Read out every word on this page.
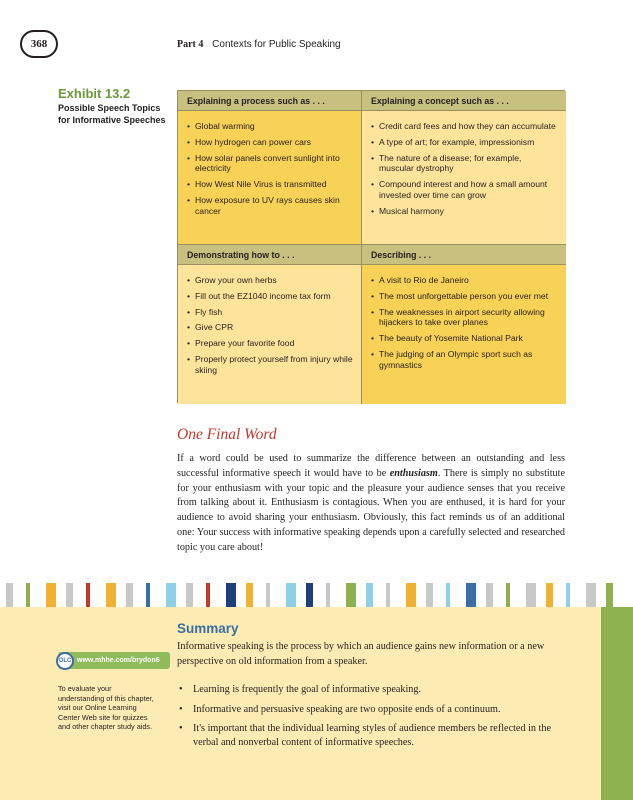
368	Part 4 Contexts for Public Speaking
Exhibit 13.2
Possible Speech Topics for Informative Speeches
Explaining a process such as . . .
• Global warming
• How hydrogen can power cars
• How solar panels convert sunlight into electricity
• How West Nile Virus is transmitted
• How exposure to UV rays causes skin cancer
Explaining a concept such as . . .
• Credit card fees and how they can accumulate
• A type of art; for example, impressionism
• The nature of a disease; for example, muscular dystrophy
• Compound interest and how a small amount invested over time can grow
• Musical harmony
Demonstrating how to . . .
• Grow your own herbs
• Fill out the EZ1040 income tax form
• Fly fish
• Give CPR
• Prepare your favorite food
• Properly protect yourself from injury while skiing
Describing . . .
• A visit to Rio de Janeiro
• The most unforgettable person you ever met
• The weaknesses in airport security allowing hijackers to take over planes
• The beauty of Yosemite National Park
• The judging of an Olympic sport such as gymnastics
One Final Word

If a word could be used to summarize the difference between an outstanding and less successful informative speech it would have to be enthusiasm. There is simply no substitute for your enthusiasm with your topic and the pleasure your audience senses that you receive from talking about it. Enthusiasm is contagious. When you are enthused, it is hard for your audience to avoid sharing your enthusiasm. Obviously, this fact reminds us of an additional one: Your success with informative speaking depends upon a carefully selected and researched topic you care about!

Summary

Informative speaking is the process by which an audience gains new information or a new perspective on old information from a speaker.

• Learning is frequently the goal of informative speaking.
• Informative and persuasive speaking are two opposite ends of a continuum.
• It's important that the individual learning styles of audience members be reflected in the verbal and nonverbal content of informative speeches.
OLC www.mhhe.com/brydon6

To evaluate your understanding of this chapter, visit our Online Learning Center Web site for quizzes and other chapter study aids.
